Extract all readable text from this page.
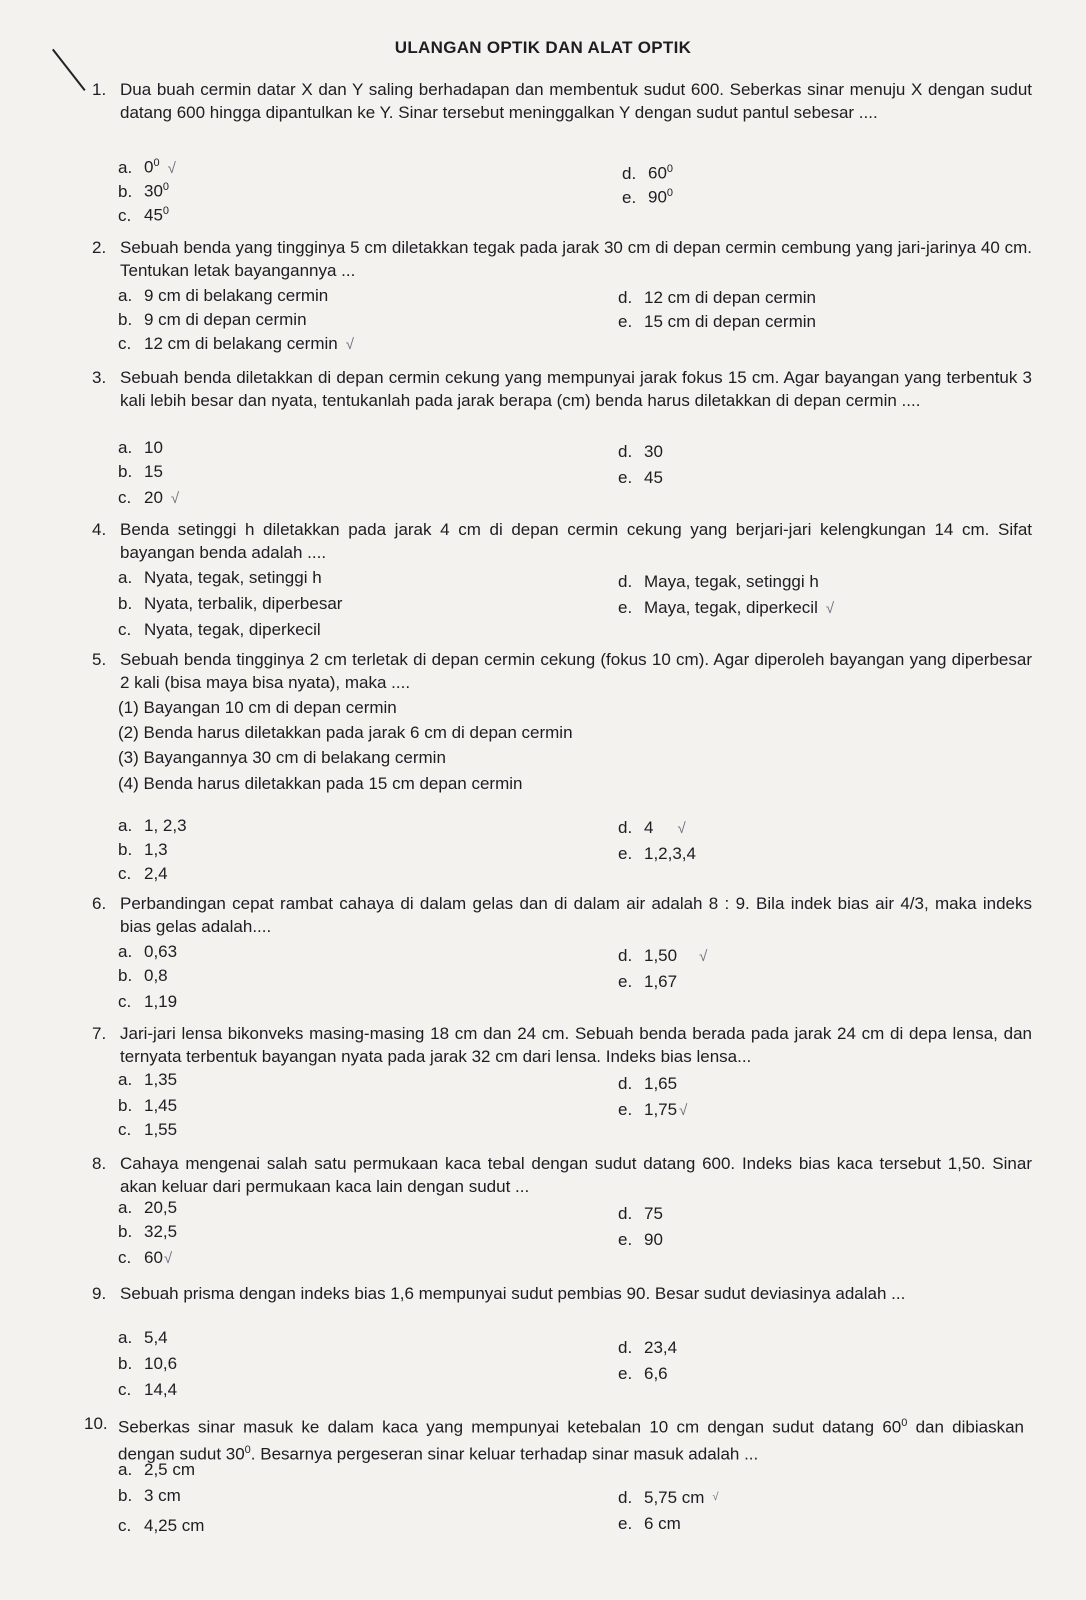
ULANGAN OPTIK DAN ALAT OPTIK
1. Dua buah cermin datar X dan Y saling berhadapan dan membentuk sudut 600. Seberkas sinar menuju X dengan sudut datang 600 hingga dipantulkan ke Y. Sinar tersebut meninggalkan Y dengan sudut pantul sebesar ....
a. $0^0$ √
b. $30^0$
c. $45^0$
d. $60^0$
e. $90^0$
2. Sebuah benda yang tingginya 5 cm diletakkan tegak pada jarak 30 cm di depan cermin cembung yang jari-jarinya 40 cm. Tentukan letak bayangannya ...
a. 9 cm di belakang cermin
b. 9 cm di depan cermin
c. 12 cm di belakang cermin √
d. 12 cm di depan cermin
e. 15 cm di depan cermin
3. Sebuah benda diletakkan di depan cermin cekung yang mempunyai jarak fokus 15 cm. Agar bayangan yang terbentuk 3 kali lebih besar dan nyata, tentukanlah pada jarak berapa (cm) benda harus diletakkan di depan cermin ....
a. 10
b. 15
c. 20 √
d. 30
e. 45
4. Benda setinggi h diletakkan pada jarak 4 cm di depan cermin cekung yang berjari-jari kelengkungan 14 cm. Sifat bayangan benda adalah ....
a. Nyata, tegak, setinggi h
b. Nyata, terbalik, diperbesar
c. Nyata, tegak, diperkecil
d. Maya, tegak, setinggi h
e. Maya, tegak, diperkecil √
5. Sebuah benda tingginya 2 cm terletak di depan cermin cekung (fokus 10 cm). Agar diperoleh bayangan yang diperbesar 2 kali (bisa maya bisa nyata), maka ....
(1) Bayangan 10 cm di depan cermin
(2) Benda harus diletakkan pada jarak 6 cm di depan cermin
(3) Bayangannya 30 cm di belakang cermin
(4) Benda harus diletakkan pada 15 cm depan cermin
a. 1, 2,3
b. 1,3
c. 2,4
d. 4 √
e. 1,2,3,4
6. Perbandingan cepat rambat cahaya di dalam gelas dan di dalam air adalah 8 : 9. Bila indek bias air 4/3, maka indeks bias gelas adalah....
a. 0,63
b. 0,8
c. 1,19
d. 1,50 √
e. 1,67
7. Jari-jari lensa bikonveks masing-masing 18 cm dan 24 cm. Sebuah benda berada pada jarak 24 cm di depa lensa, dan ternyata terbentuk bayangan nyata pada jarak 32 cm dari lensa. Indeks bias lensa...
a. 1,35
b. 1,45
c. 1,55
d. 1,65
e. 1,75 √
8. Cahaya mengenai salah satu permukaan kaca tebal dengan sudut datang 600. Indeks bias kaca tersebut 1,50. Sinar akan keluar dari permukaan kaca lain dengan sudut ...
a. 20,5
b. 32,5
c. 60√
d. 75
e. 90
9. Sebuah prisma dengan indeks bias 1,6 mempunyai sudut pembias 90. Besar sudut deviasinya adalah ...
a. 5,4
b. 10,6
c. 14,4
d. 23,4
e. 6,6
10. Seberkas sinar masuk ke dalam kaca yang mempunyai ketebalan 10 cm dengan sudut datang $60^0$ dan dibiaskan dengan sudut $30^0$. Besarnya pergeseran sinar keluar terhadap sinar masuk adalah ...
a. 2,5 cm
b. 3 cm
c. 4,25 cm
d. 5,75 cm √
e. 6 cm
